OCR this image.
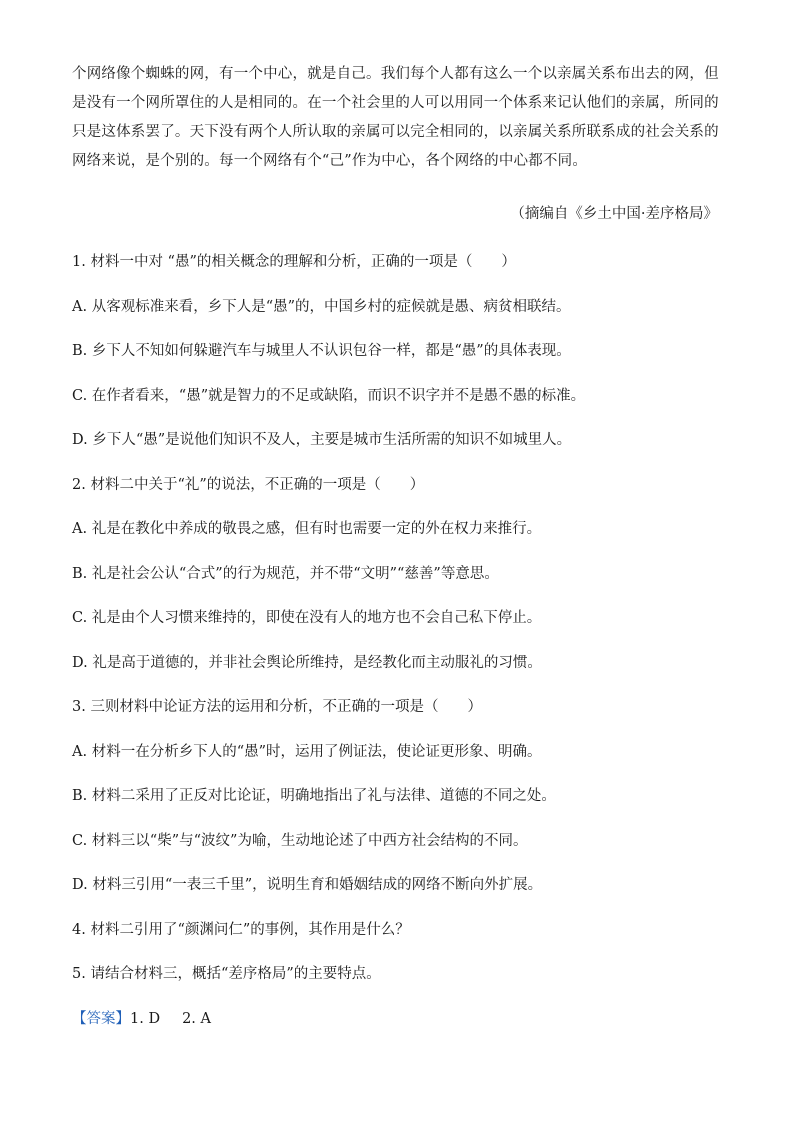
个网络像个蜘蛛的网，有一个中心，就是自己。我们每个人都有这么一个以亲属关系布出去的网，但是没有一个网所罩住的人是相同的。在一个社会里的人可以用同一个体系来记认他们的亲属，所同的只是这体系罢了。天下没有两个人所认取的亲属可以完全相同的，以亲属关系所联系成的社会关系的网络来说，是个别的。每一个网络有个“己”作为中心，各个网络的中心都不同。

（摘编自《乡土中国·差序格局》

1. 材料一中对 “愚”的相关概念的理解和分析，正确的一项是（　　）

A. 从客观标准来看，乡下人是“愚”的，中国乡村的症候就是愚、病贫相联结。

B. 乡下人不知如何躲避汽车与城里人不认识包谷一样，都是“愚”的具体表现。

C. 在作者看来，“愚”就是智力的不足或缺陷，而识不识字并不是愚不愚的标准。

D. 乡下人“愚”是说他们知识不及人，主要是城市生活所需的知识不如城里人。

2. 材料二中关于“礼”的说法，不正确的一项是（　　）

A. 礼是在教化中养成的敬畏之感，但有时也需要一定的外在权力来推行。

B. 礼是社会公认“合式”的行为规范，并不带“文明”“慈善”等意思。

C. 礼是由个人习惯来维持的，即使在没有人的地方也不会自己私下停止。

D. 礼是高于道德的，并非社会舆论所维持，是经教化而主动服礼的习惯。

3. 三则材料中论证方法的运用和分析，不正确的一项是（　　）

A. 材料一在分析乡下人的“愚”时，运用了例证法，使论证更形象、明确。

B. 材料二采用了正反对比论证，明确地指出了礼与法律、道德的不同之处。

C. 材料三以“柴”与“波纹”为喻，生动地论述了中西方社会结构的不同。

D. 材料三引用“一表三千里”，说明生育和婚姻结成的网络不断向外扩展。

4. 材料二引用了“颜渊问仁”的事例，其作用是什么？

5. 请结合材料三，概括“差序格局”的主要特点。

【答案】1. D 2. A
